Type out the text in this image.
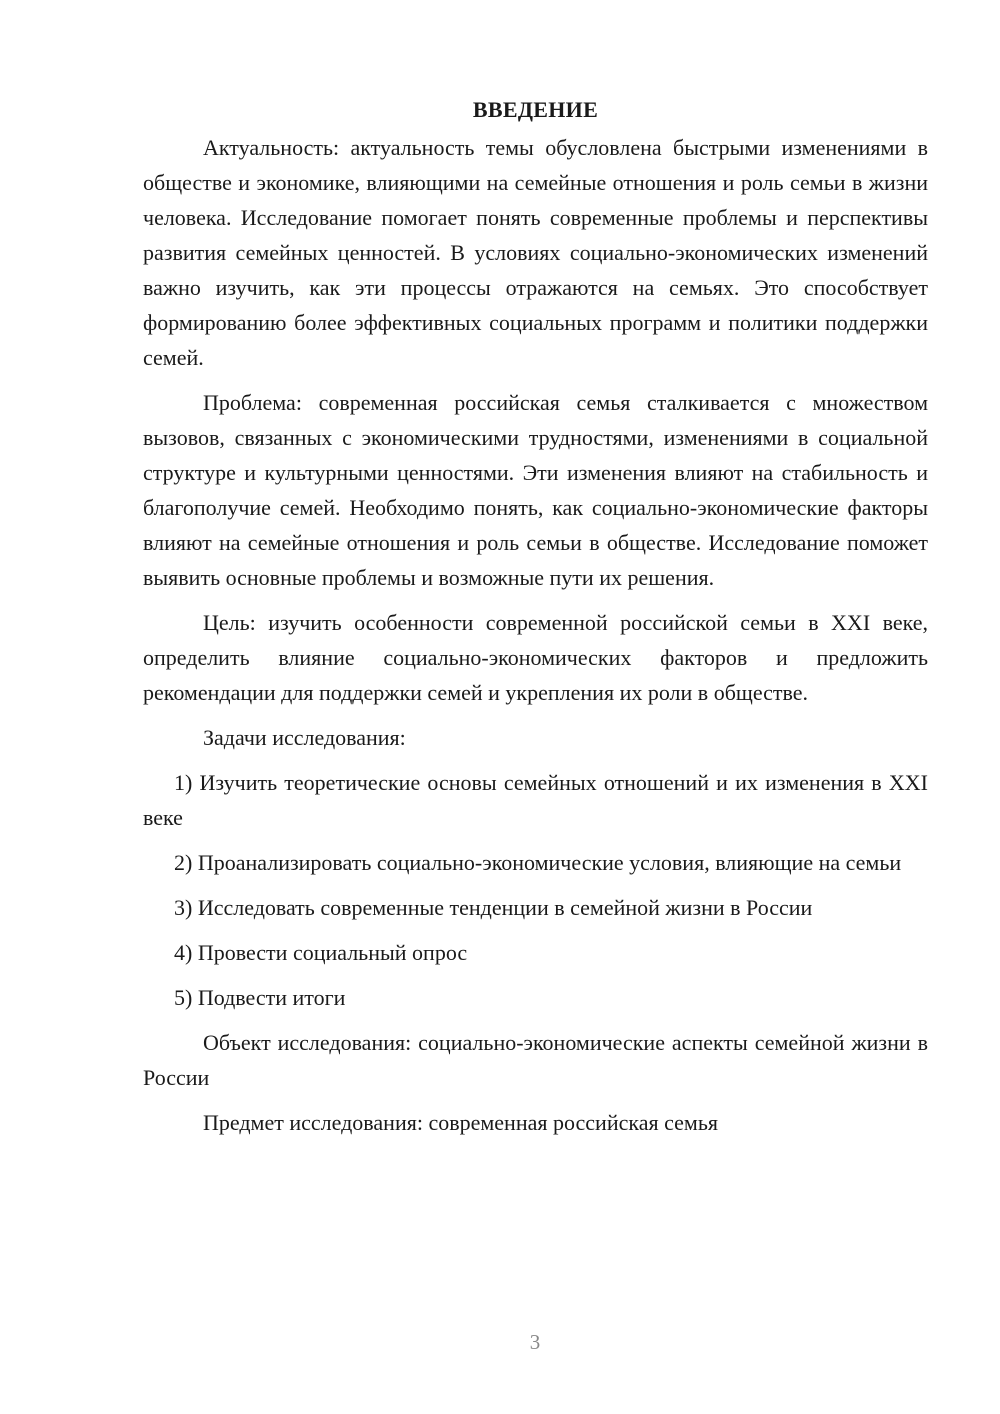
ВВЕДЕНИЕ

Актуальность: актуальность темы обусловлена быстрыми изменениями в обществе и экономике, влияющими на семейные отношения и роль семьи в жизни человека. Исследование помогает понять современные проблемы и перспективы развития семейных ценностей. В условиях социально-экономических изменений важно изучить, как эти процессы отражаются на семьях. Это способствует формированию более эффективных социальных программ и политики поддержки семей.

Проблема: современная российская семья сталкивается с множеством вызовов, связанных с экономическими трудностями, изменениями в социальной структуре и культурными ценностями. Эти изменения влияют на стабильность и благополучие семей. Необходимо понять, как социально-экономические факторы влияют на семейные отношения и роль семьи в обществе. Исследование поможет выявить основные проблемы и возможные пути их решения.

Цель: изучить особенности современной российской семьи в XXI веке, определить влияние социально-экономических факторов и предложить рекомендации для поддержки семей и укрепления их роли в обществе.

Задачи исследования:

1) Изучить теоретические основы семейных отношений и их изменения в XXI веке

2) Проанализировать социально-экономические условия, влияющие на семьи

3) Исследовать современные тенденции в семейной жизни в России

4) Провести социальный опрос

5) Подвести итоги

Объект исследования: социально-экономические аспекты семейной жизни в России

Предмет исследования: современная российская семья

3
